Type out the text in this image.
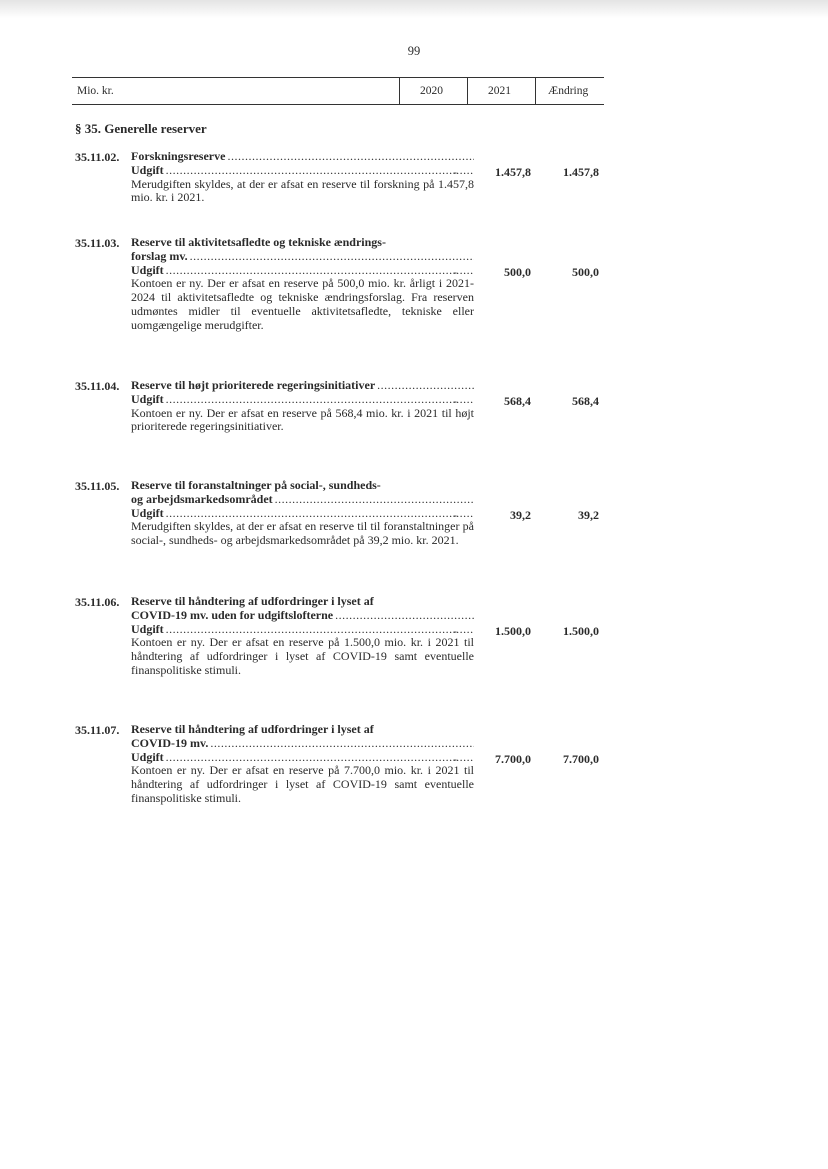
99
Mio. kr.	2020	2021	Ændring
§ 35. Generelle reserver
35.11.02. Forskningsreserve
.....
Udgift
.....
Merudgiften skyldes, at der er afsat en reserve til forskning på 1.457,8 mio. kr. i 2021.
-	1.457,8	1.457,8
35.11.03. Reserve til aktivitetsafledte og tekniske ændrings-
forslag mv.
.....
Udgift
.....
Kontoen er ny. Der er afsat en reserve på 500,0 mio. kr. årligt i 2021-2024 til aktivitetsafledte og tekniske ændringsforslag. Fra reserven udmøntes midler til eventuelle aktivitetsafledte, tekniske eller uomgængelige merudgifter.
-	500,0	500,0
35.11.04. Reserve til højt prioriterede regeringsinitiativer
.....
Udgift
.....
Kontoen er ny. Der er afsat en reserve på 568,4 mio. kr. i 2021 til højt prioriterede regeringsinitiativer.
-	568,4	568,4
35.11.05. Reserve til foranstaltninger på social-, sundheds-
og arbejdsmarkedsområdet
.....
Udgift
.....
Merudgiften skyldes, at der er afsat en reserve til til foranstaltninger på social-, sundheds- og arbejdsmarkedsområdet på 39,2 mio. kr. 2021.
-	39,2	39,2
35.11.06. Reserve til håndtering af udfordringer i lyset af
COVID-19 mv. uden for udgiftslofterne
.....
Udgift
.....
Kontoen er ny. Der er afsat en reserve på 1.500,0 mio. kr. i 2021 til håndtering af udfordringer i lyset af COVID-19 samt eventuelle finanspolitiske stimuli.
-	1.500,0	1.500,0
35.11.07. Reserve til håndtering af udfordringer i lyset af
COVID-19 mv.
.....
Udgift
.....
Kontoen er ny. Der er afsat en reserve på 7.700,0 mio. kr. i 2021 til håndtering af udfordringer i lyset af COVID-19 samt eventuelle finanspolitiske stimuli.
-	7.700,0	7.700,0
